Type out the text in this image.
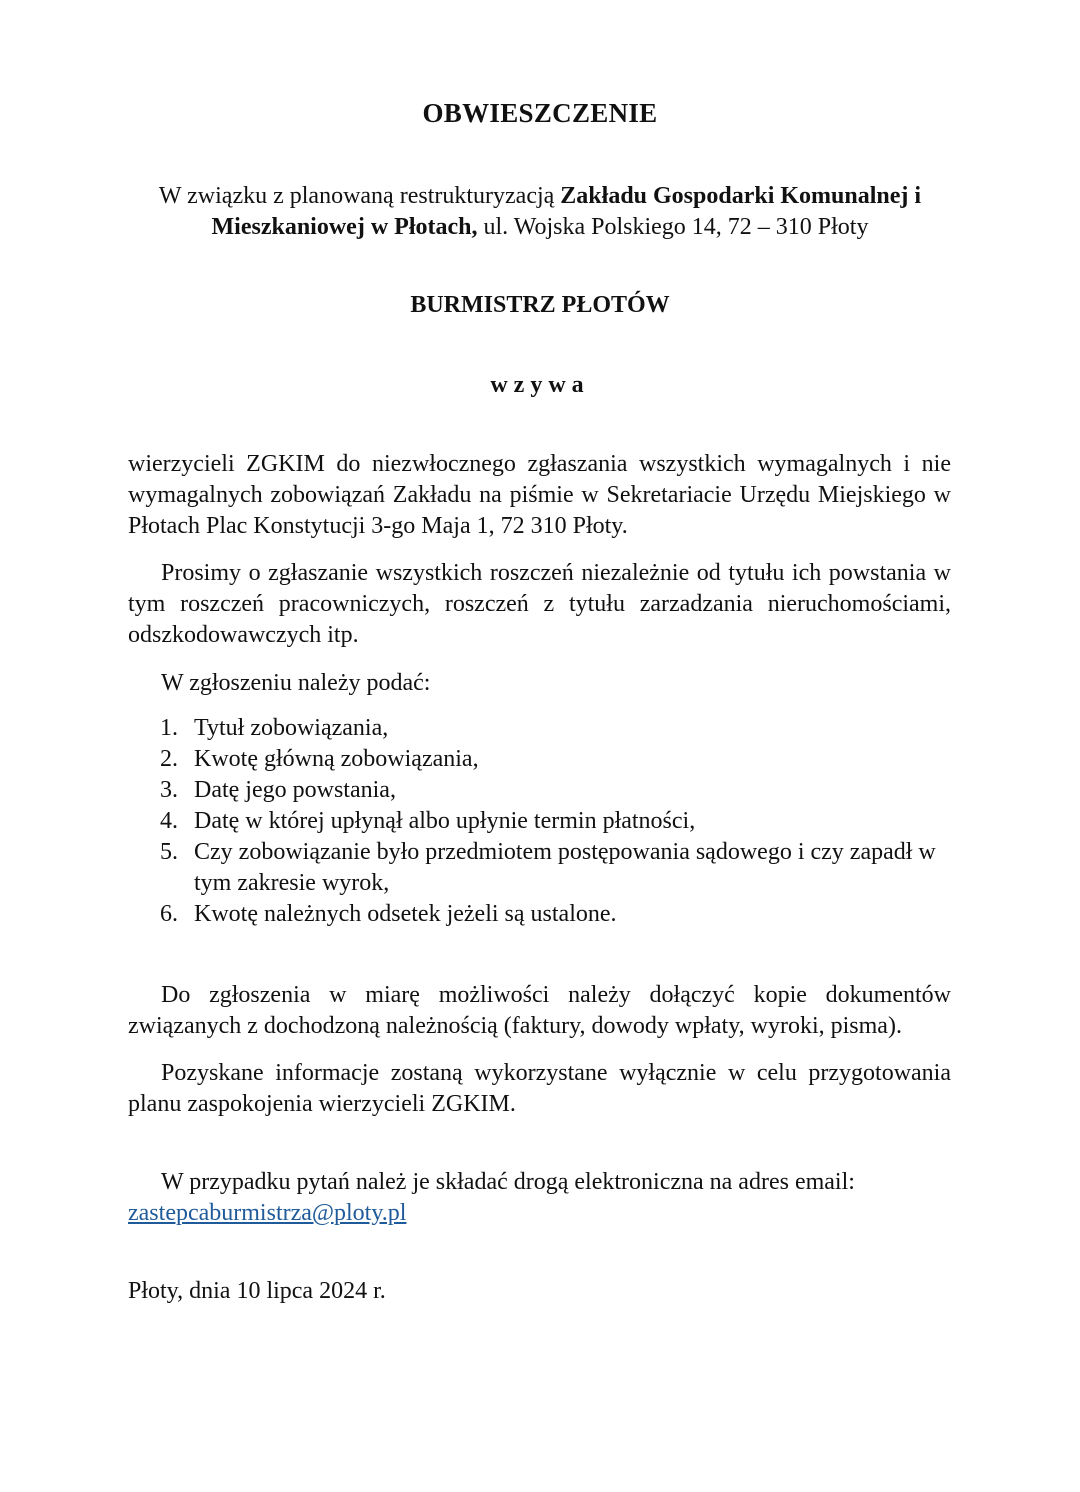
OBWIESZCZENIE
W związku z planowaną restrukturyzacją Zakładu Gospodarki Komunalnej i
Mieszkaniowej w Płotach, ul. Wojska Polskiego 14, 72 – 310 Płoty
BURMISTRZ PŁOTÓW
wzywa
wierzycieli ZGKIM do niezwłocznego zgłaszania wszystkich wymagalnych i nie wymagalnych zobowiązań Zakładu na piśmie w Sekretariacie Urzędu Miejskiego w Płotach Plac Konstytucji 3-go Maja 1, 72 310 Płoty.
Prosimy o zgłaszanie wszystkich roszczeń niezależnie od tytułu ich powstania w tym roszczeń pracowniczych, roszczeń z tytułu zarzadzania nieruchomościami, odszkodowawczych itp.
W zgłoszeniu należy podać:
1. Tytuł zobowiązania,
2. Kwotę główną zobowiązania,
3. Datę jego powstania,
4. Datę w której upłynął albo upłynie termin płatności,
5. Czy zobowiązanie było przedmiotem postępowania sądowego i czy zapadł w tym zakresie wyrok,
6. Kwotę należnych odsetek jeżeli są ustalone.
Do zgłoszenia w miarę możliwości należy dołączyć kopie dokumentów związanych z dochodzoną należnością (faktury, dowody wpłaty, wyroki, pisma).
Pozyskane informacje zostaną wykorzystane wyłącznie w celu przygotowania planu zaspokojenia wierzycieli ZGKIM.
W przypadku pytań należ je składać drogą elektroniczna na adres email:
zastepcaburmistrza@ploty.pl
Płoty, dnia 10 lipca 2024 r.
